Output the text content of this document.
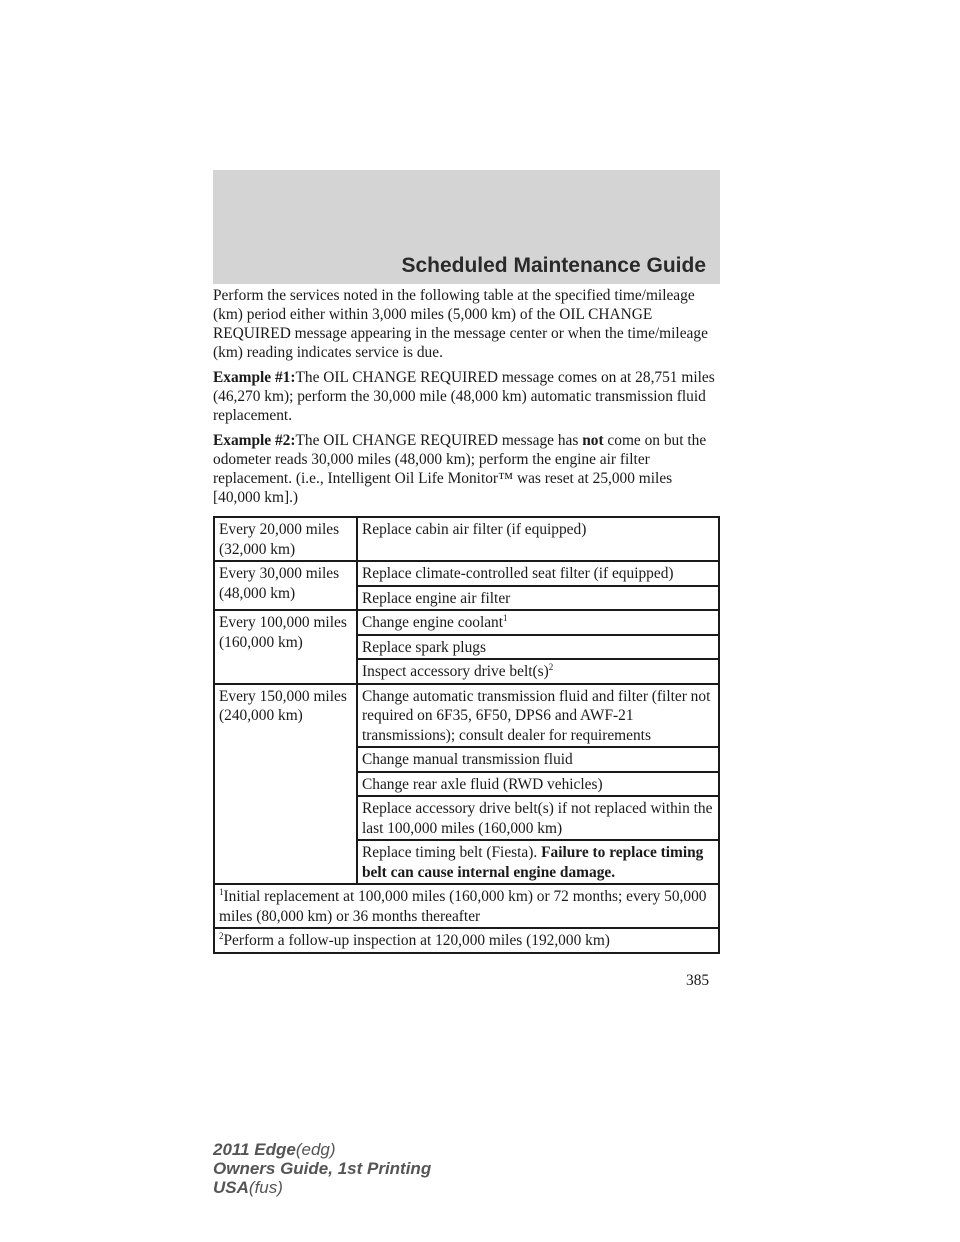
Scheduled Maintenance Guide

Perform the services noted in the following table at the specified time/mileage (km) period either within 3,000 miles (5,000 km) of the OIL CHANGE REQUIRED message appearing in the message center or when the time/mileage (km) reading indicates service is due.

Example #1:The OIL CHANGE REQUIRED message comes on at 28,751 miles (46,270 km); perform the 30,000 mile (48,000 km) automatic transmission fluid replacement.

Example #2:The OIL CHANGE REQUIRED message has not come on but the odometer reads 30,000 miles (48,000 km); perform the engine air filter replacement. (i.e., Intelligent Oil Life Monitor™ was reset at 25,000 miles [40,000 km].)

Every 20,000 miles (32,000 km)	Replace cabin air filter (if equipped)
Every 30,000 miles (48,000 km)	Replace climate-controlled seat filter (if equipped)
	Replace engine air filter
Every 100,000 miles (160,000 km)	Change engine coolant$^1$
	Replace spark plugs
	Inspect accessory drive $belt(s)^2$
Every 150,000 miles (240,000 km)	Change automatic transmission fluid and filter (filter not required on 6F35, 6F50, DPS6 and AWF-21 transmissions); consult dealer for requirements
	Change manual transmission fluid
	Change rear axle fluid (RWD vehicles)
	Replace accessory drive belt(s) if not replaced within the last 100,000 miles (160,000 km)
	Replace timing belt (Fiesta). Failure to replace timing belt can cause internal engine damage.
$^1$Initial replacement at 100,000 miles (160,000 km) or 72 months; every 50,000 miles (80,000 km) or 36 months thereafter	
$^2$Perform a follow-up inspection at 120,000 miles (192,000 km)	
385
2011 Edge(edg)
Owners Guide, 1st Printing
USA(fus)
